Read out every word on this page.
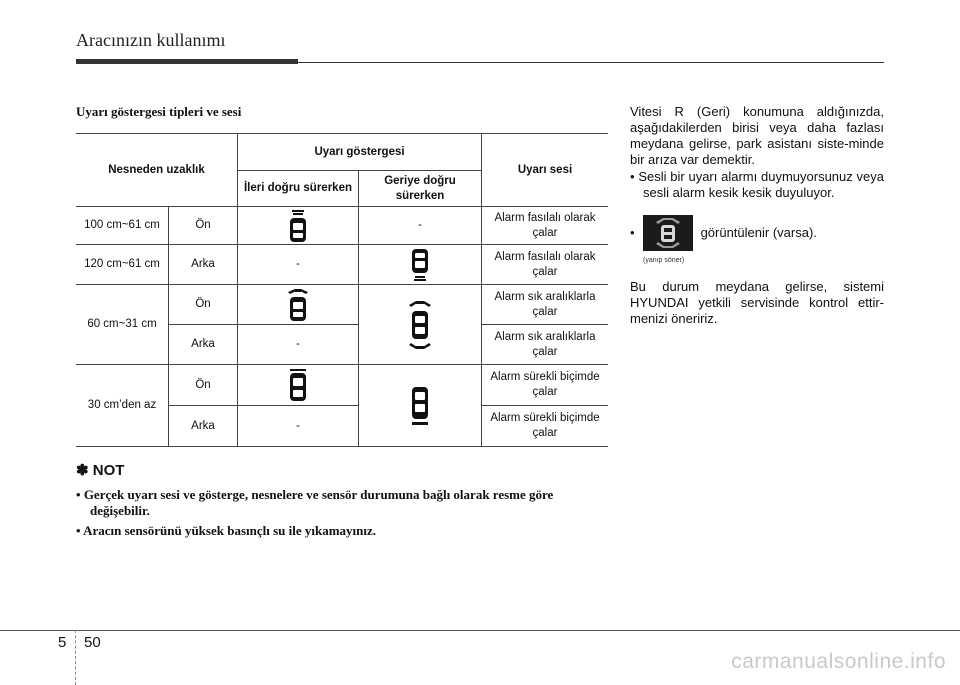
Aracınızın kullanımı
Uyarı göstergesi tipleri ve sesi
Nesneden uzaklık		Uyarı göstergesi		Uyarı sesi
		İleri doğru sürerken	Geriye doğru sürerken	
100 cm~61 cm	Ön		-	Alarm fasılalı olarak çalar
120 cm~61 cm	Arka	-		Alarm fasılalı olarak çalar
60 cm~31 cm	Ön			Alarm sık aralıklarla çalar
	Arka	-		Alarm sık aralıklarla çalar
30 cm’den az	Ön			Alarm sürekli biçimde çalar
	Arka	-		Alarm sürekli biçimde çalar
✽ NOT
• Gerçek uyarı sesi ve gösterge, nesnelere ve sensör durumuna bağlı olarak resme göre değişebilir.
• Aracın sensörünü yüksek basınçlı su ile yıkamayınız.

Vitesi R (Geri) konumuna aldığınızda, aşağıdakilerden birisi veya daha fazlası meydana gelirse, park asistanı siste-minde bir arıza var demektir.

• Sesli bir uyarı alarmı duymuyorsunuz veya sesli alarm kesik kesik duyuluyor.

•	görüntülenir (varsa).
(yanıp söner)

Bu durum meydana gelirse, sistemi HYUNDAI yetkili servisinde kontrol ettir-menizi öneririz.

5 50
carmanualsonline.info
